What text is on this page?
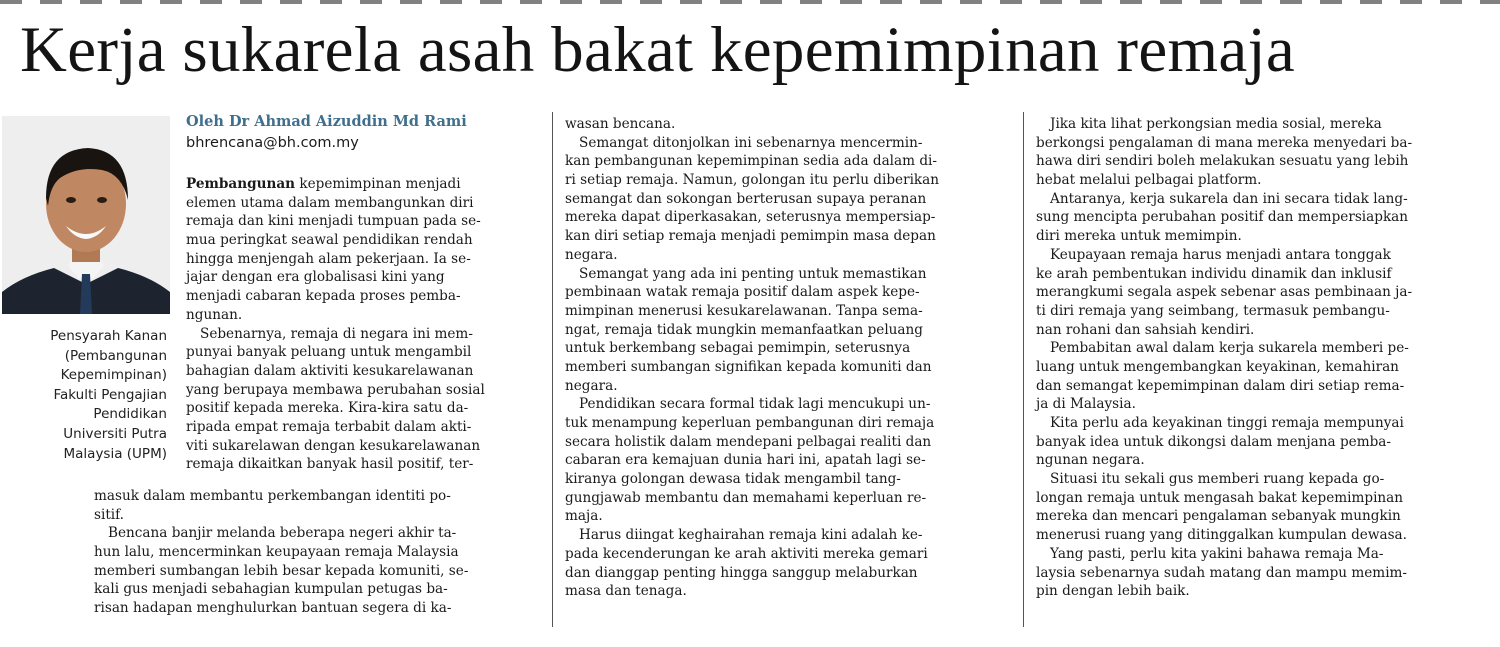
Kerja sukarela asah bakat kepemimpinan remaja
Pensyarah Kanan
(Pembangunan
Kepemimpinan)
Fakulti Pengajian
Pendidikan
Universiti Putra
Malaysia (UPM)
Oleh Dr Ahmad Aizuddin Md Rami
bhrencana@bh.com.my
Pembangunan kepemimpinan menjadi
elemen utama dalam membangunkan diri
remaja dan kini menjadi tumpuan pada se-
mua peringkat seawal pendidikan rendah
hingga menjengah alam pekerjaan. Ia se-
jajar dengan era globalisasi kini yang
menjadi cabaran kepada proses pemba-
ngunan.
Sebenarnya, remaja di negara ini mem-
punyai banyak peluang untuk mengambil
bahagian dalam aktiviti kesukarelawanan
yang berupaya membawa perubahan sosial
positif kepada mereka. Kira-kira satu da-
ripada empat remaja terbabit dalam akti-
viti sukarelawan dengan kesukarelawanan
remaja dikaitkan banyak hasil positif, ter-
masuk dalam membantu perkembangan identiti po-
sitif.
Bencana banjir melanda beberapa negeri akhir ta-
hun lalu, mencerminkan keupayaan remaja Malaysia
memberi sumbangan lebih besar kepada komuniti, se-
kali gus menjadi sebahagian kumpulan petugas ba-
risan hadapan menghulurkan bantuan segera di ka-
wasan bencana.
Semangat ditonjolkan ini sebenarnya mencermin-
kan pembangunan kepemimpinan sedia ada dalam di-
ri setiap remaja. Namun, golongan itu perlu diberikan
semangat dan sokongan berterusan supaya peranan
mereka dapat diperkasakan, seterusnya mempersiap-
kan diri setiap remaja menjadi pemimpin masa depan
negara.
Semangat yang ada ini penting untuk memastikan
pembinaan watak remaja positif dalam aspek kepe-
mimpinan menerusi kesukarelawanan. Tanpa sema-
ngat, remaja tidak mungkin memanfaatkan peluang
untuk berkembang sebagai pemimpin, seterusnya
memberi sumbangan signifikan kepada komuniti dan
negara.
Pendidikan secara formal tidak lagi mencukupi un-
tuk menampung keperluan pembangunan diri remaja
secara holistik dalam mendepani pelbagai realiti dan
cabaran era kemajuan dunia hari ini, apatah lagi se-
kiranya golongan dewasa tidak mengambil tang-
gungjawab membantu dan memahami keperluan re-
maja.
Harus diingat keghairahan remaja kini adalah ke-
pada kecenderungan ke arah aktiviti mereka gemari
dan dianggap penting hingga sanggup melaburkan
masa dan tenaga.
Jika kita lihat perkongsian media sosial, mereka
berkongsi pengalaman di mana mereka menyedari ba-
hawa diri sendiri boleh melakukan sesuatu yang lebih
hebat melalui pelbagai platform.
Antaranya, kerja sukarela dan ini secara tidak lang-
sung mencipta perubahan positif dan mempersiapkan
diri mereka untuk memimpin.
Keupayaan remaja harus menjadi antara tonggak
ke arah pembentukan individu dinamik dan inklusif
merangkumi segala aspek sebenar asas pembinaan ja-
ti diri remaja yang seimbang, termasuk pembangu-
nan rohani dan sahsiah kendiri.
Pembabitan awal dalam kerja sukarela memberi pe-
luang untuk mengembangkan keyakinan, kemahiran
dan semangat kepemimpinan dalam diri setiap rema-
ja di Malaysia.
Kita perlu ada keyakinan tinggi remaja mempunyai
banyak idea untuk dikongsi dalam menjana pemba-
ngunan negara.
Situasi itu sekali gus memberi ruang kepada go-
longan remaja untuk mengasah bakat kepemimpinan
mereka dan mencari pengalaman sebanyak mungkin
menerusi ruang yang ditinggalkan kumpulan dewasa.
Yang pasti, perlu kita yakini bahawa remaja Ma-
laysia sebenarnya sudah matang dan mampu memim-
pin dengan lebih baik.
